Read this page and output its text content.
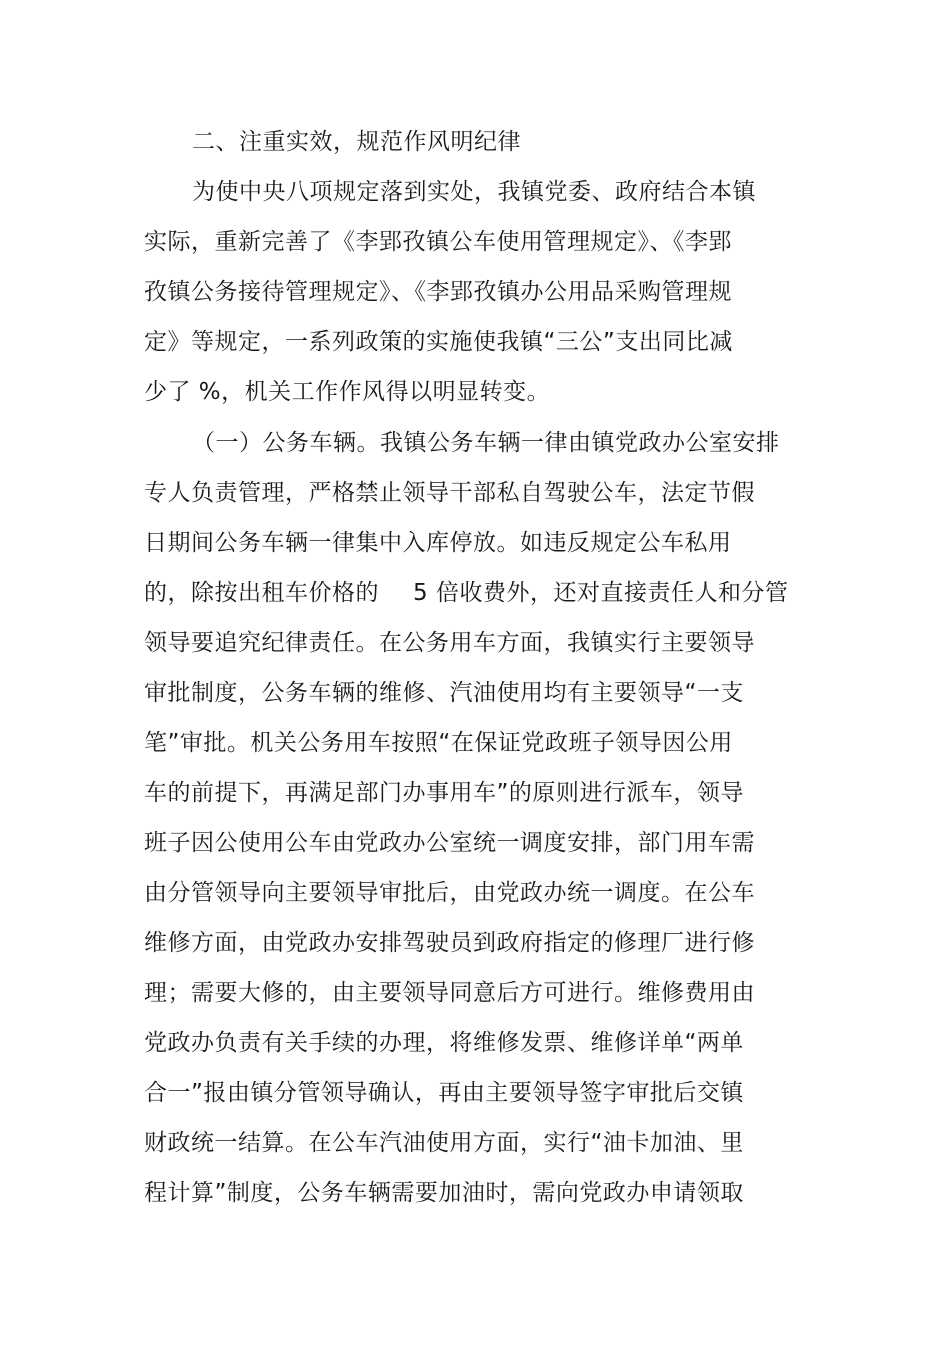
二、注重实效，规范作风明纪律
为使中央八项规定落到实处，我镇党委、政府结合本镇
实际，重新完善了《李郢孜镇公车使用管理规定》、《李郢
孜镇公务接待管理规定》、《李郢孜镇办公用品采购管理规
定》等规定，一系列政策的实施使我镇“三公”支出同比减
少了 %，机关工作作风得以明显转变。
（一）公务车辆。我镇公务车辆一律由镇党政办公室安排
专人负责管理，严格禁止领导干部私自驾驶公车，法定节假
日期间公务车辆一律集中入库停放。如违反规定公车私用
的，除按出租车价格的 5 倍收费外，还对直接责任人和分管
领导要追究纪律责任。在公务用车方面，我镇实行主要领导
审批制度，公务车辆的维修、汽油使用均有主要领导“一支
笔”审批。机关公务用车按照“在保证党政班子领导因公用
车的前提下，再满足部门办事用车”的原则进行派车，领导
班子因公使用公车由党政办公室统一调度安排，部门用车需
由分管领导向主要领导审批后，由党政办统一调度。在公车
维修方面，由党政办安排驾驶员到政府指定的修理厂进行修
理；需要大修的，由主要领导同意后方可进行。维修费用由
党政办负责有关手续的办理，将维修发票、维修详单“两单
合一”报由镇分管领导确认，再由主要领导签字审批后交镇
财政统一结算。在公车汽油使用方面，实行“油卡加油、里
程计算”制度，公务车辆需要加油时，需向党政办申请领取
